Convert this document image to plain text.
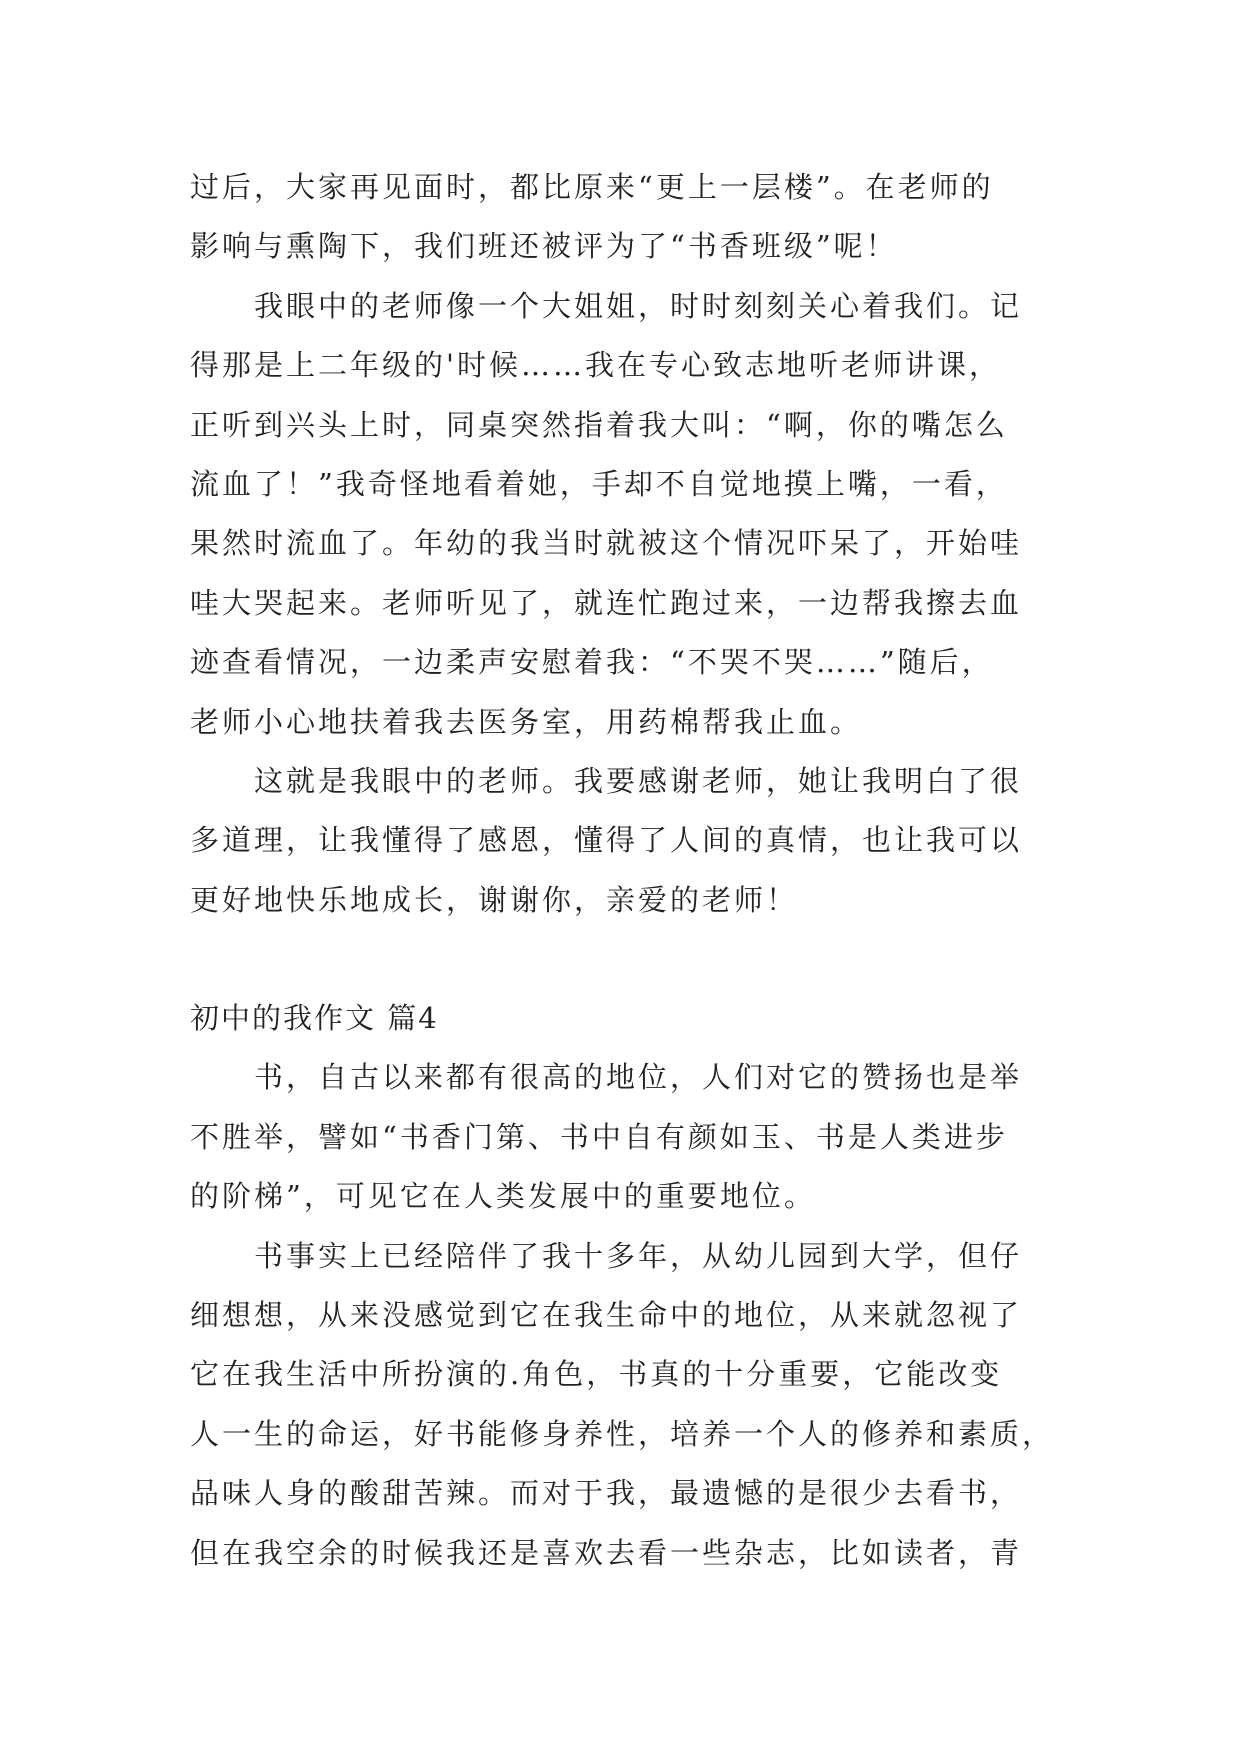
过后，大家再见面时，都比原来“更上一层楼”。在老师的
影响与熏陶下，我们班还被评为了“书香班级”呢！
我眼中的老师像一个大姐姐，时时刻刻关心着我们。记
得那是上二年级的'时候……我在专心致志地听老师讲课，
正听到兴头上时，同桌突然指着我大叫：“啊，你的嘴怎么
流血了！”我奇怪地看着她，手却不自觉地摸上嘴，一看，
果然时流血了。年幼的我当时就被这个情况吓呆了，开始哇
哇大哭起来。老师听见了，就连忙跑过来，一边帮我擦去血
迹查看情况，一边柔声安慰着我：“不哭不哭……”随后，
老师小心地扶着我去医务室，用药棉帮我止血。
这就是我眼中的老师。我要感谢老师，她让我明白了很
多道理，让我懂得了感恩，懂得了人间的真情，也让我可以
更好地快乐地成长，谢谢你，亲爱的老师！
初中的我作文 篇4
书，自古以来都有很高的地位，人们对它的赞扬也是举
不胜举，譬如“书香门第、书中自有颜如玉、书是人类进步
的阶梯”，可见它在人类发展中的重要地位。
书事实上已经陪伴了我十多年，从幼儿园到大学，但仔
细想想，从来没感觉到它在我生命中的地位，从来就忽视了
它在我生活中所扮演的.角色，书真的十分重要，它能改变
人一生的命运，好书能修身养性，培养一个人的修养和素质，
品味人身的酸甜苦辣。而对于我，最遗憾的是很少去看书，
但在我空余的时候我还是喜欢去看一些杂志，比如读者，青
